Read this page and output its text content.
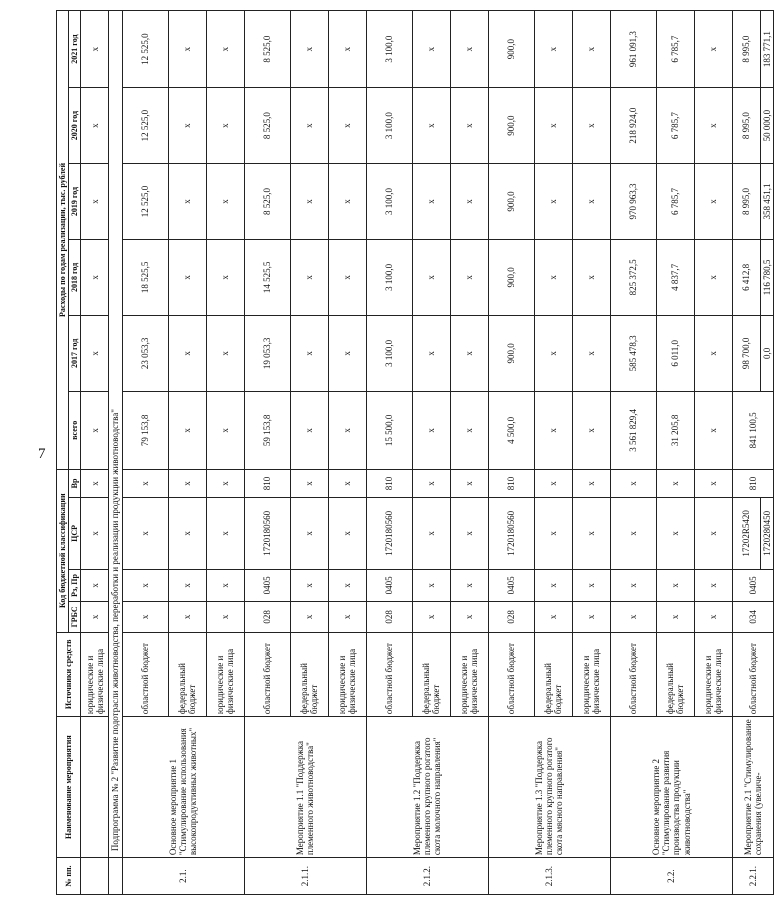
7
№ пп.	Наименование мероприятия	Источники средств	Код бюджетной классификации				Расходы по годам реализации, тыс. рублей					
			ГРБС	Рз, Пр	ЦСР	Вр	всего	2017 год	2018 год	2019 год	2020 год	2021 год
		юридические и физические лица	x	x	x	x	x	x	x	x	x	x
	Подпрограмма № 2 "Развитие подотрасли животноводства, переработки и реализации продукции животноводства"											
2.1.	Основное мероприятие 1 "Стимулирование использования высокопродуктивных животных"	областной бюджет	x	x	x	x	79 153,8	23 053,3	18 525,5	12 525,0	12 525,0	12 525,0
		федеральный бюджет	x	x	x	x	x	x	x	x	x	x
		юридические и физические лица	x	x	x	x	x	x	x	x	x	x
2.1.1.	Мероприятие 1.1 "Поддержка племенного животноводства"	областной бюджет	028	0405	1720180560	810	59 153,8	19 053,3	14 525,5	8 525,0	8 525,0	8 525,0
		федеральный бюджет	x	x	x	x	x	x	x	x	x	x
		юридические и физические лица	x	x	x	x	x	x	x	x	x	x
2.1.2.	Мероприятие 1.2 "Поддержка племенного крупного рогатого скота молочного направления"	областной бюджет	028	0405	1720180560	810	15 500,0	3 100,0	3 100,0	3 100,0	3 100,0	3 100,0
		федеральный бюджет	x	x	x	x	x	x	x	x	x	x
		юридические и физические лица	x	x	x	x	x	x	x	x	x	x
2.1.3.	Мероприятие 1.3 "Поддержка племенного крупного рогатого скота мясного направления"	областной бюджет	028	0405	1720180560	810	4 500,0	900,0	900,0	900,0	900,0	900,0
		федеральный бюджет	x	x	x	x	x	x	x	x	x	x
		юридические и физические лица	x	x	x	x	x	x	x	x	x	x
2.2.	Основное мероприятие 2 "Стимулирование развития производства продукции животноводства"	областной бюджет	x	x	x	x	3 561 829,4	585 478,3	825 372,5	970 963,3	218 924,0	961 091,3
		федеральный бюджет	x	x	x	x	31 205,8	6 011,0	4 837,7	6 785,7	6 785,7	6 785,7
		юридические и физические лица	x	x	x	x	x	x	x	x	x	x
2.2.1.	Мероприятие 2.1 "Стимулирование сохранения (увеличе-	областной бюджет	034	0405	17202R5420	810	841 100,5	98 700,0	6 412,8	8 995,0	8 995,0	8 995,0
					1720280450			0,0	116 780,5	358 451,1	50 000,0	183 771,1
